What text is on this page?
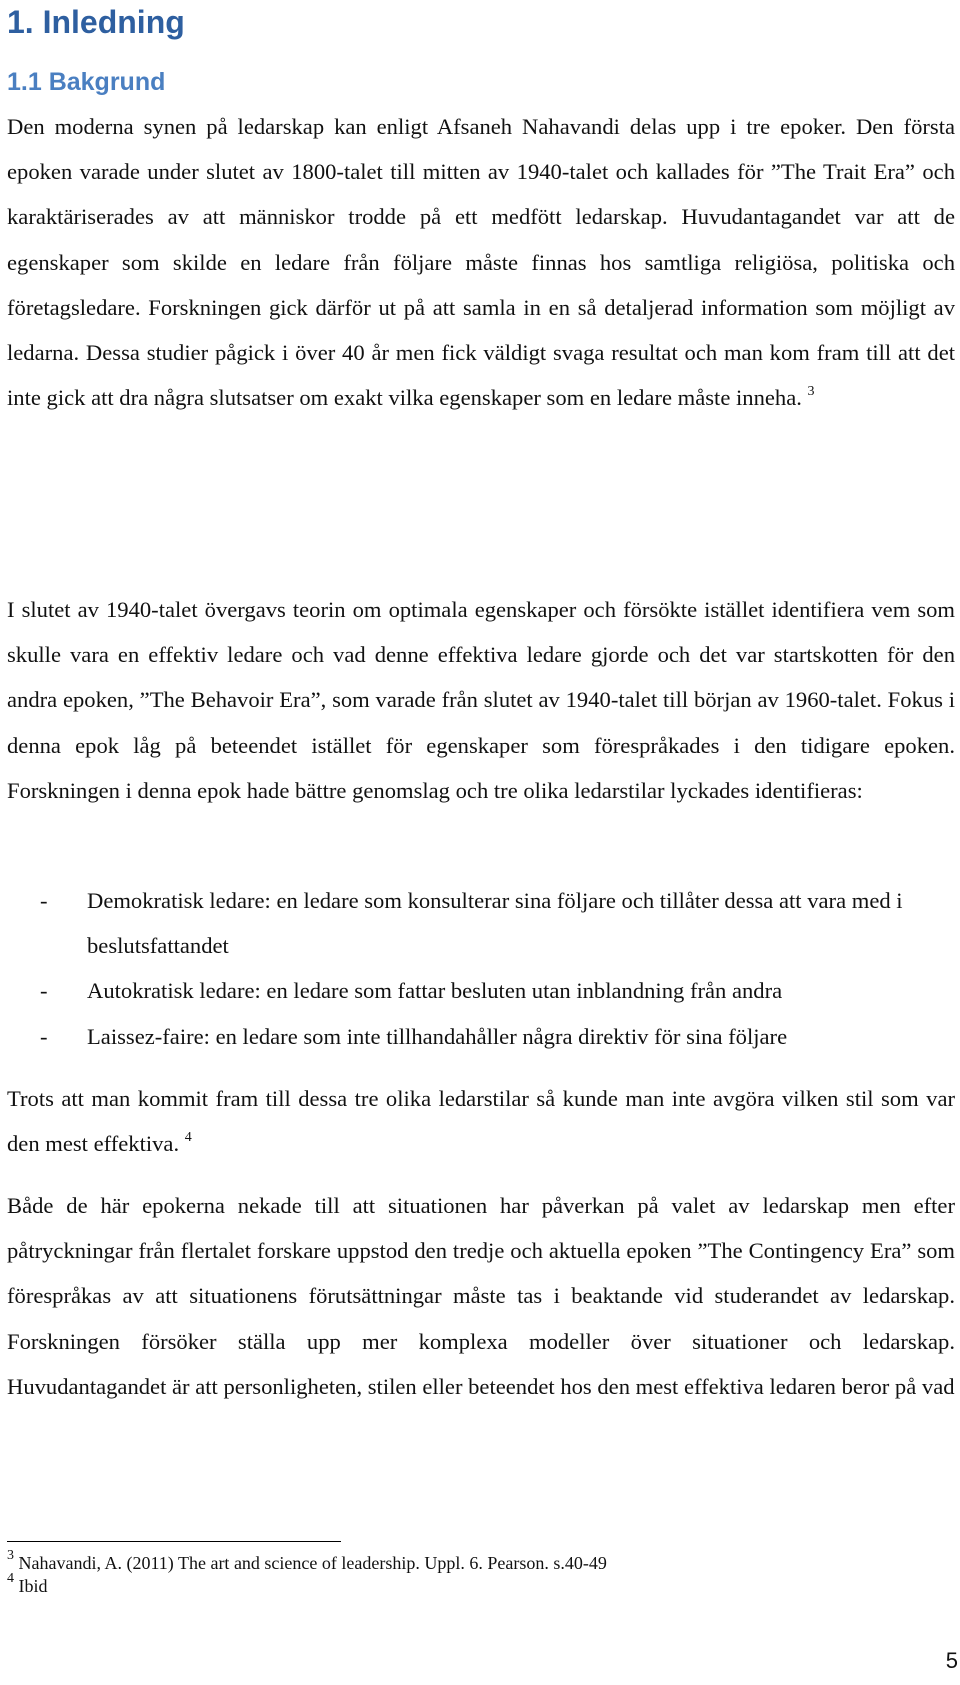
1. Inledning
1.1 Bakgrund

Den moderna synen på ledarskap kan enligt Afsaneh Nahavandi delas upp i tre epoker. Den första epoken varade under slutet av 1800-talet till mitten av 1940-talet och kallades för ”The Trait Era” och karaktäriserades av att människor trodde på ett medfött ledarskap. Huvudantagandet var att de egenskaper som skilde en ledare från följare måste finnas hos samtliga religiösa, politiska och företagsledare. Forskningen gick därför ut på att samla in en så detaljerad information som möjligt av ledarna. Dessa studier pågick i över 40 år men fick väldigt svaga resultat och man kom fram till att det inte gick att dra några slutsatser om exakt vilka egenskaper som en ledare måste inneha. $^3$

I slutet av 1940-talet övergavs teorin om optimala egenskaper och försökte istället identifiera vem som skulle vara en effektiv ledare och vad denne effektiva ledare gjorde och det var startskotten för den andra epoken, ”The Behavoir Era”, som varade från slutet av 1940-talet till början av 1960-talet. Fokus i denna epok låg på beteendet istället för egenskaper som förespråkades i den tidigare epoken. Forskningen i denna epok hade bättre genomslag och tre olika ledarstilar lyckades identifieras:

- Demokratisk ledare: en ledare som konsulterar sina följare och tillåter dessa att vara med i beslutsfattandet
- Autokratisk ledare: en ledare som fattar besluten utan inblandning från andra
- Laissez-faire: en ledare som inte tillhandahåller några direktiv för sina följare

Trots att man kommit fram till dessa tre olika ledarstilar så kunde man inte avgöra vilken stil som var den mest effektiva. $^4$

Både de här epokerna nekade till att situationen har påverkan på valet av ledarskap men efter påtryckningar från flertalet forskare uppstod den tredje och aktuella epoken ”The Contingency Era” som förespråkas av att situationens förutsättningar måste tas i beaktande vid studerandet av ledarskap. Forskningen försöker ställa upp mer komplexa modeller över situationer och ledarskap. Huvudantagandet är att personligheten, stilen eller beteendet hos den mest effektiva ledaren beror på vad

$^3$ Nahavandi, A. (2011) The art and science of leadership. Uppl. 6. Pearson. s.40-49

$^4$ Ibid

5
